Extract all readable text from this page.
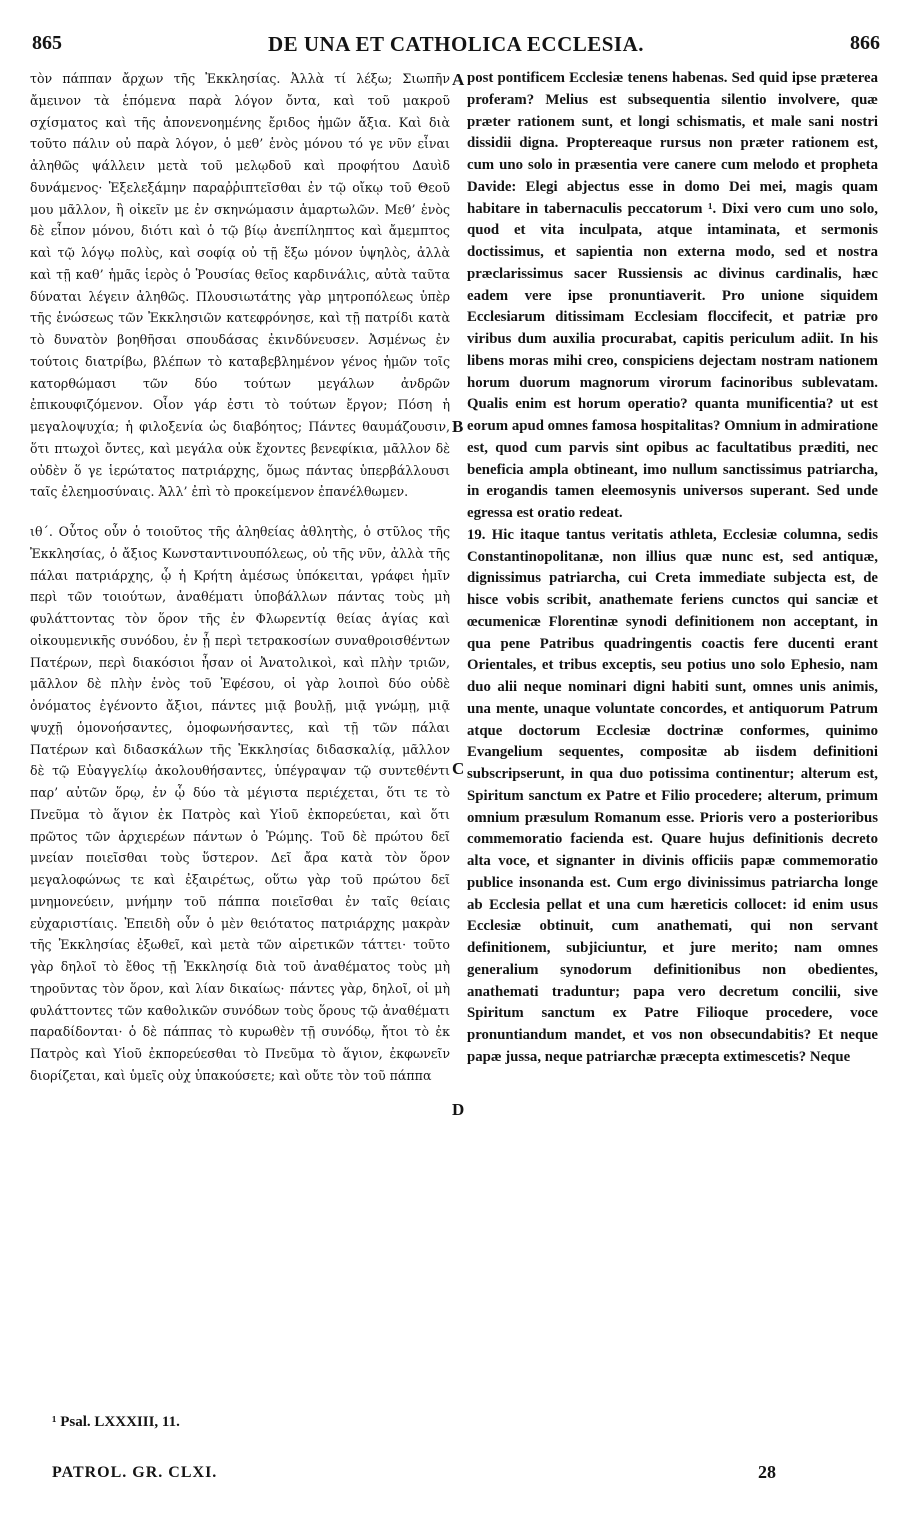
865	DE UNA ET CATHOLICA ECCLESIA.	866

τὸν πάππαν ἄρχων τῆς Ἐκκλησίας. Ἀλλὰ τί λέξω; Σιωπῆν ἄμεινον τὰ ἑπόμενα παρὰ λόγον ὄντα, καὶ τοῦ μακροῦ σχίσματος καὶ τῆς ἀπονενοημένης ἔριδος ἡμῶν ἄξια. Καὶ διὰ τοῦτο πάλιν οὐ παρὰ λόγον, ὁ μεθ’ ἑνὸς μόνου τό γε νῦν εἶναι ἀληθῶς ψάλλειν μετὰ τοῦ μελῳδοῦ καὶ προφήτου Δαυὶδ δυνάμενος· Ἐξελεξάμην παραῤῥιπτεῖσθαι ἐν τῷ οἴκῳ τοῦ Θεοῦ μου μᾶλλον, ἢ οἰκεῖν με ἐν σκηνώμασιν ἁμαρτωλῶν. Μεθ’ ἑνὸς δὲ εἶπον μόνου, διότι καὶ ὁ τῷ βίῳ ἀνεπίληπτος καὶ ἄμεμπτος καὶ τῷ λόγῳ πολὺς, καὶ σοφίᾳ οὐ τῇ ἔξω μόνον ὑψηλὸς, ἀλλὰ καὶ τῇ καθ’ ἡμᾶς ἱερὸς ὁ Ῥουσίας θεῖος καρδινάλις, αὐτὰ ταῦτα δύναται λέγειν ἀληθῶς. Πλουσιωτάτης γὰρ μητροπόλεως ὑπὲρ τῆς ἑνώσεως τῶν Ἐκκλησιῶν κατεφρόνησε, καὶ τῇ πατρίδι κατὰ τὸ δυνατὸν βοηθῆσαι σπουδάσας ἐκινδύνευσεν. Ἀσμένως ἐν τούτοις διατρίβω, βλέπων τὸ καταβεβλημένον γένος ἡμῶν τοῖς κατορθώμασι τῶν δύο τούτων μεγάλων ἀνδρῶν ἐπικουφιζόμενον. Οἷον γάρ ἐστι τὸ τούτων ἔργον; Πόση ἡ μεγαλοψυχία; ἡ φιλοξενία ὡς διαβόητος; Πάντες θαυμάζουσιν, ὅτι πτωχοὶ ὄντες, καὶ μεγάλα οὐκ ἔχοντες βενεφίκια, μᾶλλον δὲ οὐδὲν ὅ γε ἱερώτατος πατριάρχης, ὅμως πάντας ὑπερβάλλουσι ταῖς ἐλεημοσύναις. Ἀλλ’ ἐπὶ τὸ προκείμενον ἐπανέλθωμεν.

ιθ΄. Οὗτος οὖν ὁ τοιοῦτος τῆς ἀληθείας ἀθλητὴς, ὁ στῦλος τῆς Ἐκκλησίας, ὁ ἄξιος Κωνσταντινουπόλεως, οὐ τῆς νῦν, ἀλλὰ τῆς πάλαι πατριάρχης, ᾧ ἡ Κρήτη ἀμέσως ὑπόκειται, γράφει ἡμῖν περὶ τῶν τοιούτων, ἀναθέματι ὑποβάλλων πάντας τοὺς μὴ φυλάττοντας τὸν ὅρον τῆς ἐν Φλωρεντίᾳ θείας ἁγίας καὶ οἰκουμενικῆς συνόδου, ἐν ᾗ περὶ τετρακοσίων συναθροισθέντων Πατέρων, περὶ διακόσιοι ἦσαν οἱ Ἀνατολικοὶ, καὶ πλὴν τριῶν, μᾶλλον δὲ πλὴν ἑνὸς τοῦ Ἐφέσου, οἱ γὰρ λοιποὶ δύο οὐδὲ ὀνόματος ἐγένοντο ἄξιοι, πάντες μιᾷ βουλῇ, μιᾷ γνώμῃ, μιᾷ ψυχῇ ὁμονοήσαντες, ὁμοφωνήσαντες, καὶ τῇ τῶν πάλαι Πατέρων καὶ διδασκάλων τῆς Ἐκκλησίας διδασκαλίᾳ, μᾶλλον δὲ τῷ Εὐαγγελίῳ ἀκολουθήσαντες, ὑπέγραψαν τῷ συντεθέντι παρ’ αὐτῶν ὅρῳ, ἐν ᾧ δύο τὰ μέγιστα περιέχεται, ὅτι τε τὸ Πνεῦμα τὸ ἅγιον ἐκ Πατρὸς καὶ Υἱοῦ ἐκπορεύεται, καὶ ὅτι πρῶτος τῶν ἀρχιερέων πάντων ὁ Ῥώμης. Τοῦ δὲ πρώτου δεῖ μνείαν ποιεῖσθαι τοὺς ὕστερον. Δεῖ ἄρα κατὰ τὸν ὅρον μεγαλοφώνως τε καὶ ἐξαιρέτως, οὕτω γὰρ τοῦ πρώτου δεῖ μνημονεύειν, μνήμην τοῦ πάππα ποιεῖσθαι ἐν ταῖς θείαις εὐχαριστίαις. Ἐπειδὴ οὖν ὁ μὲν θειότατος πατριάρχης μακρὰν τῆς Ἐκκλησίας ἐξωθεῖ, καὶ μετὰ τῶν αἱρετικῶν τάττει· τοῦτο γὰρ δηλοῖ τὸ ἔθος τῇ Ἐκκλησίᾳ διὰ τοῦ ἀναθέματος τοὺς μὴ τηροῦντας τὸν ὅρον, καὶ λίαν δικαίως· πάντες γὰρ, δηλοῖ, οἱ μὴ φυλάττοντες τῶν καθολικῶν συνόδων τοὺς ὅρους τῷ ἀναθέματι παραδίδονται· ὁ δὲ πάππας τὸ κυρωθὲν τῇ συνόδῳ, ἤτοι τὸ ἐκ Πατρὸς καὶ Υἱοῦ ἐκπορεύεσθαι τὸ Πνεῦμα τὸ ἅγιον, ἐκφωνεῖν διορίζεται, καὶ ὑμεῖς οὐχ ὑπακούσετε; καὶ οὔτε τὸν τοῦ πάππα

A
B
C
D

post pontificem Ecclesiæ tenens habenas. Sed quid ipse præterea proferam? Melius est subsequentia silentio involvere, quæ præter rationem sunt, et longi schismatis, et male sani nostri dissidii digna. Proptereaque rursus non præter rationem est, cum uno solo in præsentia vere canere cum melodo et propheta Davide: Elegi abjectus esse in domo Dei mei, magis quam habitare in tabernaculis peccatorum ¹. Dixi vero cum uno solo, quod et vita inculpata, atque intaminata, et sermonis doctissimus, et sapientia non externa modo, sed et nostra præclarissimus sacer Russiensis ac divinus cardinalis, hæc eadem vere ipse pronuntiaverit. Pro unione siquidem Ecclesiarum ditissimam Ecclesiam floccifecit, et patriæ pro viribus dum auxilia procurabat, capitis periculum adiit. In his libens moras mihi creo, conspiciens dejectam nostram nationem horum duorum magnorum virorum facinoribus sublevatam. Qualis enim est horum operatio? quanta munificentia? ut est eorum apud omnes famosa hospitalitas? Omnium in admiratione est, quod cum parvis sint opibus ac facultatibus præditi, nec beneficia ampla obtineant, imo nullum sanctissimus patriarcha, in erogandis tamen eleemosynis universos superant. Sed unde egressa est oratio redeat.

19. Hic itaque tantus veritatis athleta, Ecclesiæ columna, sedis Constantinopolitanæ, non illius quæ nunc est, sed antiquæ, dignissimus patriarcha, cui Creta immediate subjecta est, de hisce vobis scribit, anathemate feriens cunctos qui sanciæ et œcumenicæ Florentinæ synodi definitionem non acceptant, in qua pene Patribus quadringentis coactis fere ducenti erant Orientales, et tribus exceptis, seu potius uno solo Ephesio, nam duo alii neque nominari digni habiti sunt, omnes unis animis, una mente, unaque voluntate concordes, et antiquorum Patrum atque doctorum Ecclesiæ doctrinæ conformes, quinimo Evangelium sequentes, compositæ ab iisdem definitioni subscripserunt, in qua duo potissima continentur; alterum est, Spiritum sanctum ex Patre et Filio procedere; alterum, primum omnium præsulum Romanum esse. Prioris vero a posterioribus commemoratio facienda est. Quare hujus definitionis decreto alta voce, et signanter in divinis officiis papæ commemoratio publice insonanda est. Cum ergo divinissimus patriarcha longe ab Ecclesia pellat et una cum hæreticis collocet: id enim usus Ecclesiæ obtinuit, cum anathemati, qui non servant definitionem, subjiciuntur, et jure merito; nam omnes generalium synodorum definitionibus non obedientes, anathemati traduntur; papa vero decretum concilii, sive Spiritum sanctum ex Patre Filioque procedere, voce pronuntiandum mandet, et vos non obsecundabitis? Et neque papæ jussa, neque patriarchæ præcepta extimescetis? Neque

¹ Psal. LXXXIII, 11.
PATROL. GR. CLXI.	28
